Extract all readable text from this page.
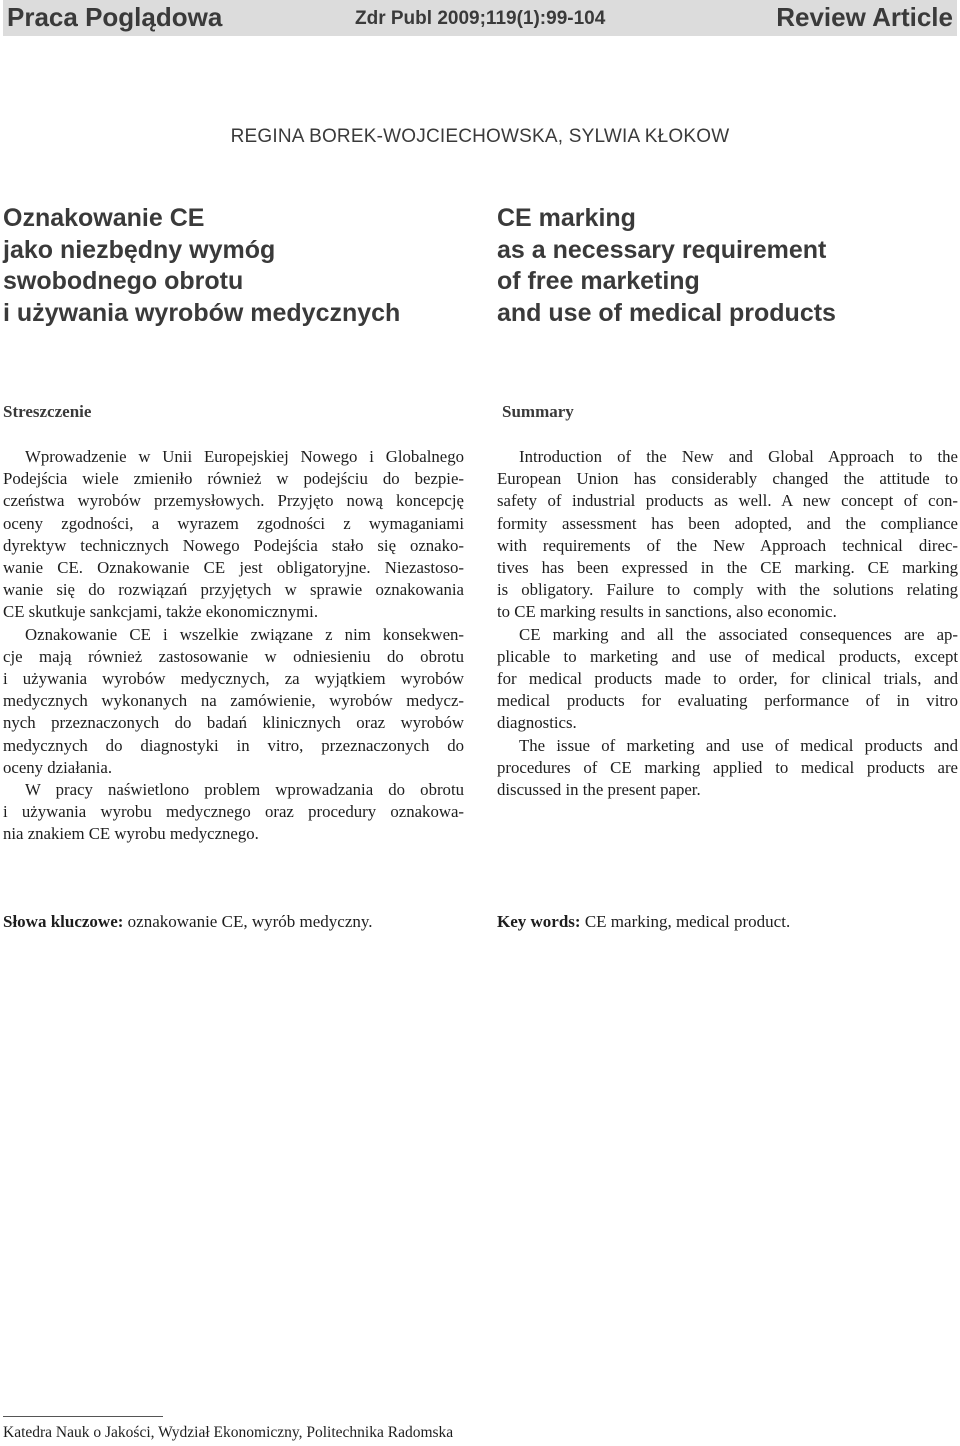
Praca Poglądowa	Zdr Publ 2009;119(1):99-104	Review Article
REGINA BOREK-WOJCIECHOWSKA, SYLWIA KŁOKOW
Oznakowanie CE
jako niezbędny wymóg
swobodnego obrotu
i używania wyrobów medycznych
CE marking
as a necessary requirement
of free marketing
and use of medical products
Streszczenie	Summary
Wprowadzenie w Unii Europejskiej Nowego i Globalnego
Podejścia wiele zmieniło również w podejściu do bezpie-
czeństwa wyrobów przemysłowych. Przyjęto nową koncepcję
oceny zgodności, a wyrazem zgodności z wymaganiami
dyrektyw technicznych Nowego Podejścia stało się oznako-
wanie CE. Oznakowanie CE jest obligatoryjne. Niezastoso-
wanie się do rozwiązań przyjętych w sprawie oznakowania
CE skutkuje sankcjami, także ekonomicznymi.
Oznakowanie CE i wszelkie związane z nim konsekwen-
cje mają również zastosowanie w odniesieniu do obrotu
i używania wyrobów medycznych, za wyjątkiem wyrobów
medycznych wykonanych na zamówienie, wyrobów medycz-
nych przeznaczonych do badań klinicznych oraz wyrobów
medycznych do diagnostyki in vitro, przeznaczonych do
oceny działania.
W pracy naświetlono problem wprowadzania do obrotu
i używania wyrobu medycznego oraz procedury oznakowa-
nia znakiem CE wyrobu medycznego.
Introduction of the New and Global Approach to the
European Union has considerably changed the attitude to
safety of industrial products as well. A new concept of con-
formity assessment has been adopted, and the compliance
with requirements of the New Approach technical direc-
tives has been expressed in the CE marking. CE marking
is obligatory. Failure to comply with the solutions relating
to CE marking results in sanctions, also economic.
CE marking and all the associated consequences are ap-
plicable to marketing and use of medical products, except
for medical products made to order, for clinical trials, and
medical products for evaluating performance of in vitro
diagnostics.
The issue of marketing and use of medical products and
procedures of CE marking applied to medical products are
discussed in the present paper.
Słowa kluczowe: oznakowanie CE, wyrób medyczny.	Key words: CE marking, medical product.
Katedra Nauk o Jakości, Wydział Ekonomiczny, Politechnika Radomska
